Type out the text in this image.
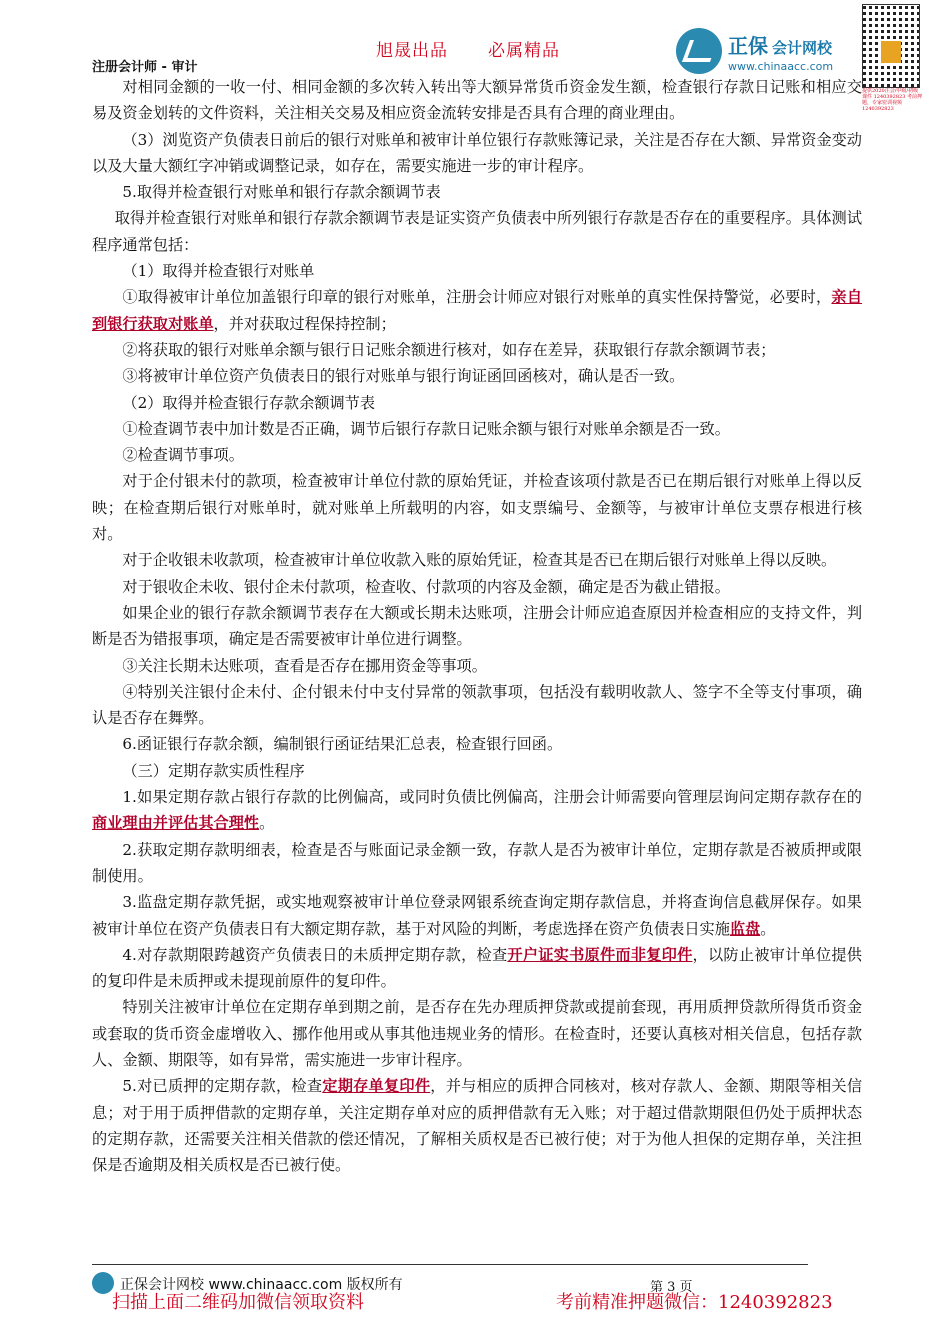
旭晟出品 必属精品
注册会计师 - 审计
正保 会计网校
www.chinaacc.com
提供2020注会/中级/初级课件 1240392823 考前押题，专家密训视频 1240392823

对相同金额的一收一付、相同金额的多次转入转出等大额异常货币资金发生额，检查银行存款日记账和相应交易及资金划转的文件资料，关注相关交易及相应资金流转安排是否具有合理的商业理由。

（3）浏览资产负债表日前后的银行对账单和被审计单位银行存款账簿记录，关注是否存在大额、异常资金变动以及大量大额红字冲销或调整记录，如存在，需要实施进一步的审计程序。

5.取得并检查银行对账单和银行存款余额调节表

取得并检查银行对账单和银行存款余额调节表是证实资产负债表中所列银行存款是否存在的重要程序。具体测试程序通常包括：

（1）取得并检查银行对账单

①取得被审计单位加盖银行印章的银行对账单，注册会计师应对银行对账单的真实性保持警觉，必要时，亲自到银行获取对账单，并对获取过程保持控制；

②将获取的银行对账单余额与银行日记账余额进行核对，如存在差异，获取银行存款余额调节表；

③将被审计单位资产负债表日的银行对账单与银行询证函回函核对，确认是否一致。

（2）取得并检查银行存款余额调节表

①检查调节表中加计数是否正确，调节后银行存款日记账余额与银行对账单余额是否一致。

②检查调节事项。

对于企付银未付的款项，检查被审计单位付款的原始凭证，并检查该项付款是否已在期后银行对账单上得以反映；在检查期后银行对账单时，就对账单上所载明的内容，如支票编号、金额等，与被审计单位支票存根进行核对。

对于企收银未收款项，检查被审计单位收款入账的原始凭证，检查其是否已在期后银行对账单上得以反映。

对于银收企未收、银付企未付款项，检查收、付款项的内容及金额，确定是否为截止错报。

如果企业的银行存款余额调节表存在大额或长期未达账项，注册会计师应追查原因并检查相应的支持文件，判断是否为错报事项，确定是否需要被审计单位进行调整。

③关注长期未达账项，查看是否存在挪用资金等事项。

④特别关注银付企未付、企付银未付中支付异常的领款事项，包括没有载明收款人、签字不全等支付事项，确认是否存在舞弊。

6.函证银行存款余额，编制银行函证结果汇总表，检查银行回函。

（三）定期存款实质性程序

1.如果定期存款占银行存款的比例偏高，或同时负债比例偏高，注册会计师需要向管理层询问定期存款存在的商业理由并评估其合理性。

2.获取定期存款明细表，检查是否与账面记录金额一致，存款人是否为被审计单位，定期存款是否被质押或限制使用。

3.监盘定期存款凭据，或实地观察被审计单位登录网银系统查询定期存款信息，并将查询信息截屏保存。如果被审计单位在资产负债表日有大额定期存款，基于对风险的判断，考虑选择在资产负债表日实施监盘。

4.对存款期限跨越资产负债表日的未质押定期存款，检查开户证实书原件而非复印件，以防止被审计单位提供的复印件是未质押或未提现前原件的复印件。

特别关注被审计单位在定期存单到期之前，是否存在先办理质押贷款或提前套现，再用质押贷款所得货币资金或套取的货币资金虚增收入、挪作他用或从事其他违规业务的情形。在检查时，还要认真核对相关信息，包括存款人、金额、期限等，如有异常，需实施进一步审计程序。

5.对已质押的定期存款，检查定期存单复印件，并与相应的质押合同核对，核对存款人、金额、期限等相关信息；对于用于质押借款的定期存单，关注定期存单对应的质押借款有无入账；对于超过借款期限但仍处于质押状态的定期存款，还需要关注相关借款的偿还情况，了解相关质权是否已被行使；对于为他人担保的定期存单，关注担保是否逾期及相关质权是否已被行使。

正保会计网校 www.chinaacc.com 版权所有	第 3 页
扫描上面二维码加微信领取资料	考前精准押题微信：1240392823
